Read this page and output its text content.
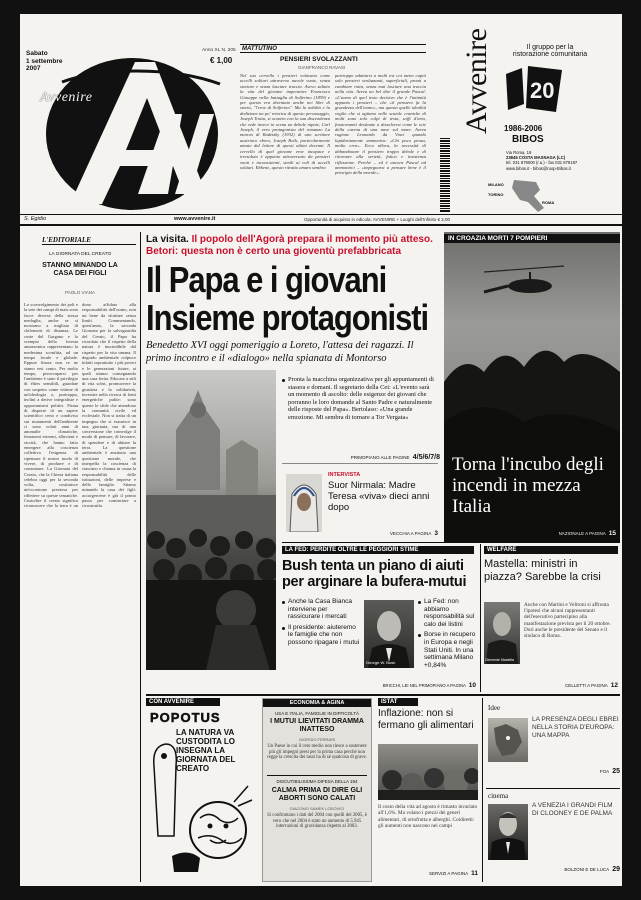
Sabato
1 settembre
2007
Avvenire
Anno XL N. 205
€ 1,00
MATTUTINO
PENSIERI SVOLAZZANTI
GIANFRANCO RAVASI
Nel suo cervello i pensieri volavano come uccelli solitari attraverso nuvole vuote, senza storture e senza lasciare traccia. Avevo saltato la vita del giovane imperatore Francesco Giuseppe nella battaglia di Solferino (1859) e per questo era diventato anche nei libri di storia, "l'eroe di Solferino". Ma la nobiltà e la dedizione un po' retorica di questo personaggio, Joseph Trotta, si scontra con la sua discendenza che vede invece in scena un debole nipote, Carl Joseph, il vero protagonista del romanzo La marcia di Radetzky (1932) di uno scrittore austriaco ebreo, Joseph Roth, particolarmente amato dal lettore di questi ultimi decenni. Il cervello di quel giovane eroe incapace e irresoluto è appunto attraversato da pensieri vuoti e inconsistenti, simili ai voli di uccelli solitari. Ebbene, questo ritratto amaro sembra
purtroppo adattarsi a molti tra coi meno capiti solo pensieri svolazzanti, superficiali, pronti a cambiare rotta, senza mai lasciare una traccia nella vita. Aveva un bel dire il grande Pascal: «L'uomo di quel testo decisivo che è l'intimità appunto i pensieri – che «il pensiero fa la grandezza dell'uomo», ma questa quelle idealità voglio che si agitano nelle scatole craniche di molti sono solo colpi di testa, soffi d'aria, frastornanti destinate a dissolversi come le scie della carena di una nave sul mare. Aveva ragione Leonardo da Vinci quando lapidariamente ammoniva: «Chi poco pensa, molto erra». Ecco allora, la necessità di abbandonare il pensiero troppo debole e di ritornare alla serietà, fatica e insistenza riflessione. Perché – ed è ancora Pascal ad ammonirci – «impegnarsi a pensare bene è il principio della morale».
Avvenire	Il gruppo per la
ristorazione comunitaria
20
1986-2006
BIBOS
Via Roma, 19
23845 COSTA MASNAGA (LC)
tel. 031 879000 (r.a.) - fax 031 879197
www.bibos.it - bibos@ruop-Bibos.it
MILANO
ROMA
TORINO
S. Egidio	www.avvenire.it	Opportunità di acquisto in edicola: AVVENIRE + Luoghi dell'Infinito € 2,00
L'EDITORIALE
LA GIORNATA DEL CREATO
STANNO MINANDO LA CASA DEI FIGLI
PAOLO VIANA
Lo sconvolgimento dei poli e la sete dei campi di mais sono facce diverse della stessa medaglia, anche se si mostrano a migliaia di chilometri di distanza. Le coste del Gargano e lo scempio della foresta amazzonica rappresentano la medesima sconfitta, ad un tempo locale e globale. Eppure finora non ce ne siamo resi conto. Per molto tempo, preoccuparsi per l'ambiente è stato il privilegio di élites sensibili, guardate con sospetto come vittime di un'ideologia o, purtroppo, inclini a derive integraliste e opportunismi politici. Prima di disporre di un sapere scientifico certo e condiviso sui mutamenti dell'ambiente ci sono voluti anni di anomalie climatiche, fenomeni estremi, alluvioni e siccità, che hanno fatto emergere alla coscienza collettiva l'esigenza di ripensare il nostro modo di vivere, di produrre e di consumare. La Giornata del Creato, che la Chiesa italiana celebra oggi per la seconda volta, costituisce un'occasione preziosa per riflettere su queste tematiche. Custodire il creato significa riconoscere che la terra è un dono affidato alla responsabilità dell'uomo, non un bene da sfruttare senza limiti. Commentando, quest'anno, la seconda Giornata per la salvaguardia del Creato, il Papa ha ricordato che il rispetto della natura è inscindibile dal rispetto per la vita umana. Il degrado ambientale colpisce infatti soprattutto i più poveri e le generazioni future, ai quali stiamo consegnando una casa ferita. Educare a stili di vita sobri, promuovere la giustizia e la solidarietà, investire nella ricerca di fonti energetiche pulite: sono queste le sfide che attendono la comunità civile ed ecclesiale. Non si tratta di un impegno che si esaurisce in una giornata, ma di una conversione che coinvolge il modo di pensare, di lavorare, di spendere e di abitare la terra. La questione ambientale è anzitutto una questione morale, che interpella la coscienza di ciascuno e chiama in causa la responsabilità delle istituzioni, delle imprese e delle famiglie. Stiamo minando la casa dei figli: accorgercene è già il primo passo per cominciare a ricostruirla.
La visita. Il popolo dell'Agorà prepara il momento più atteso. Betori: questa non è certo una gioventù prefabbricata
Il Papa e i giovani
Insieme protagonisti
Benedetto XVI oggi pomeriggio a Loreto, l'attesa dei ragazzi. Il primo incontro e il «dialogo» nella spianata di Montorso
Pronta la macchina organizzativa per gli appuntamenti di stasera e domani. Il segretario della Cei: «L'evento sarà un momento di ascolto: delle esigenze dei giovani che porranno le loro domande al Santo Padre e naturalmente delle risposte del Papa». Bertolaso: «Una grande emozione. Mi sembra di tornare a Tor Vergata»
PRIMOPIANO ALLE PAGINE 4/5/6/7/8
INTERVISTA
Suor Nirmala: Madre Teresa «viva» dieci anni dopo
VECCHIA A PAGINA 3
IN CROAZIA MORTI 7 POMPIERI
Torna l'incubo degli incendi in mezza Italia
NAZIONALE A PAGINA 15
LA FED: PERDITE OLTRE LE PEGGIORI STIME
Bush tenta un piano di aiuti per arginare la bufera-mutui
Anche la Casa Bianca interviene per rassicurare i mercati
Il presidente: aiuteremo le famiglie che non possono ripagare i mutui
George W. Bush
La Fed: non abbiamo responsabilità sul calo dei listini
Borse in recupero in Europa e negli Stati Uniti. In una settimana Milano +0,84%
BRICCHI, LEI NEL PRIMOPIANO A PAGINA 10
WELFARE
Mastella: ministri in piazza? Sarebbe la crisi
Clemente Mastella
Anche con Martini e Veltroni si affronta l'ipotesi che alcuni rappresentanti dell'esecutivo partecipino alla manifestazione prevista per il 20 ottobre. Duri anche le presidente del Senato e il sindaco di Roma.
CELLETTI A PAGINA 12
CON AVVENIRE
POPOTUS
LA NATURA VA CUSTODITA LO INSEGNA LA GIORNATA DEL CREATO
ECONOMIA & AGINA
USA E ITALIA, FAMIGLIE IN DIFFICOLTÀ
I MUTUI LIEVITATI DRAMMA INATTESO
GIORGIO FERRARI
Un Paese in cui il ceto medio non riesce a sostenere più gli impegni presi per la prima casa perché non regge la crescita dei tassi ha di sé qualcosa di grave.
DISCUTIBILISSIMA DIFESA DELLA 194
CALMA PRIMA DI DIRE GLI ABORTI SONO CALATI
GIACOMO SAMEK LODOVICI
Si confrontano i dati del 2004 con quelli del 2005, è vero che nel 2004 è stato un aumento di 5.945 interruzioni di gravidanza rispetto al 2003.
ISTAT
Inflazione: non si fermano gli alimentari
Il costo della vita ad agosto è rimasto invariato all'1,6%. Ma volano i prezzi dei generi alimentari, di ortofrutta e alberghi. Coldiretti: gli aumenti non nascono nei campi
SERVIZI A PAGINA 11
Idee
LA PRESENZA DEGLI EBREI NELLA STORIA D'EUROPA: UNA MAPPA
FOA 25
cinema
A VENEZIA I GRANDI FILM DI CLOONEY E DE PALMA
BOLZONI E DE LUCA 29
